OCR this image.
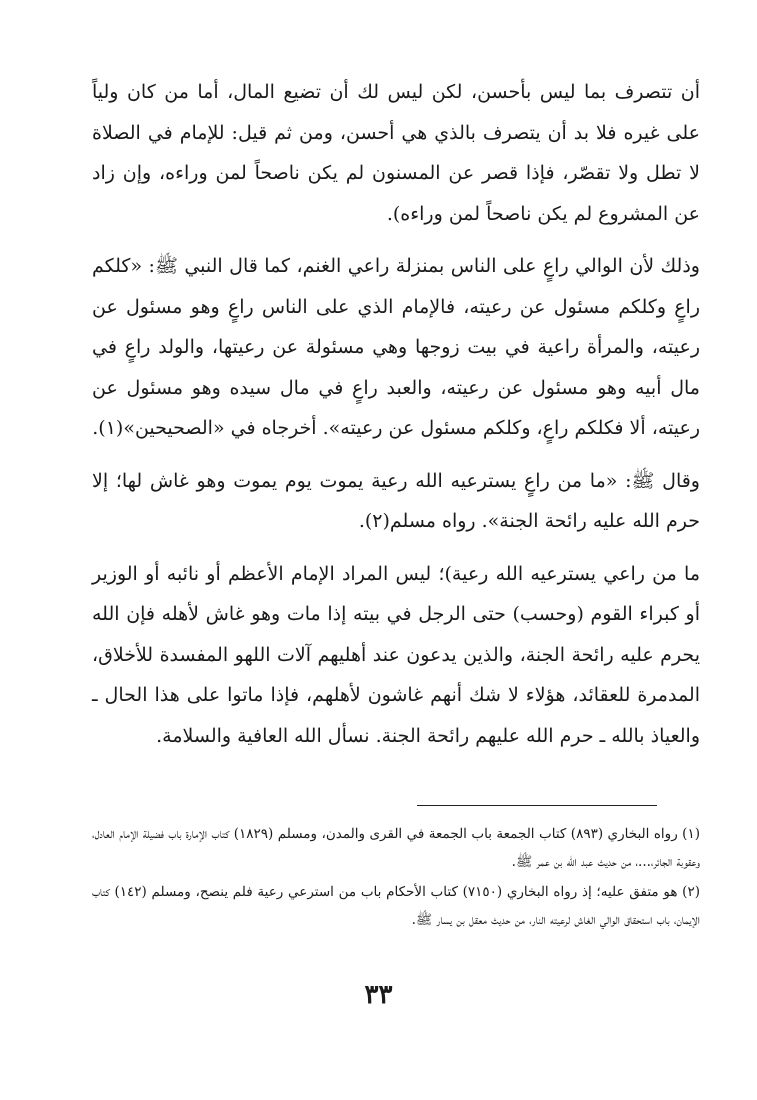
أن تتصرف بما ليس بأحسن، لكن ليس لك أن تضيع المال، أما من كان ولياً على غيره فلا بد أن يتصرف بالذي هي أحسن، ومن ثم قيل: للإمام في الصلاة لا تطل ولا تقصّر، فإذا قصر عن المسنون لم يكن ناصحاً لمن وراءه، وإن زاد عن المشروع لم يكن ناصحاً لمن وراءه).

وذلك لأن الوالي راعٍ على الناس بمنزلة راعي الغنم، كما قال النبي ﷺ: «كلكم راعٍ وكلكم مسئول عن رعيته، فالإمام الذي على الناس راعٍ وهو مسئول عن رعيته، والمرأة راعية في بيت زوجها وهي مسئولة عن رعيتها، والولد راعٍ في مال أبيه وهو مسئول عن رعيته، والعبد راعٍ في مال سيده وهو مسئول عن رعيته، ألا فكلكم راعٍ، وكلكم مسئول عن رعيته». أخرجاه في «الصحيحين»(١).

وقال ﷺ: «ما من راعٍ يسترعيه الله رعية يموت يوم يموت وهو غاش لها؛ إلا حرم الله عليه رائحة الجنة». رواه مسلم(٢).

ما من راعي يسترعيه الله رعية)؛ ليس المراد الإمام الأعظم أو نائبه أو الوزير أو كبراء القوم (وحسب) حتى الرجل في بيته إذا مات وهو غاش لأهله فإن الله يحرم عليه رائحة الجنة، والذين يدعون عند أهليهم آلات اللهو المفسدة للأخلاق، المدمرة للعقائد، هؤلاء لا شك أنهم غاشون لأهلهم، فإذا ماتوا على هذا الحال ـ والعياذ بالله ـ حرم الله عليهم رائحة الجنة. نسأل الله العافية والسلامة.

(١) رواه البخاري (٨٩٣) كتاب الجمعة باب الجمعة في القرى والمدن، ومسلم (١٨٢٩) كتاب الإمارة باب فضيلة الإمام العادل، وعقوبة الجائر،...، من حديث عبد الله بن عمر ﷺ.

(٢) هو متفق عليه؛ إذ رواه البخاري (٧١٥٠) كتاب الأحكام باب من استرعي رعية فلم ينصح، ومسلم (١٤٢) كتاب الإيمان، باب استحقاق الوالي الغاش لرعيته النار، من حديث معقل بن يسار ﷺ.

٣٣
